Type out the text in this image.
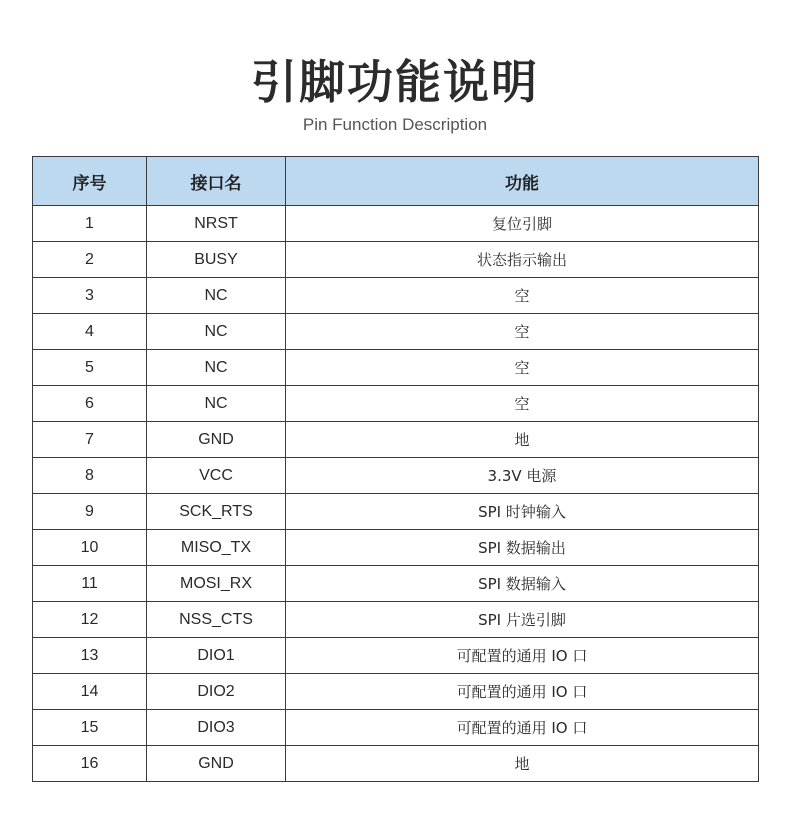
引脚功能说明
Pin Function Description
序号	接口名	功能
1	NRST	复位引脚
2	BUSY	状态指示输出
3	NC	空
4	NC	空
5	NC	空
6	NC	空
7	GND	地
8	VCC	3.3V 电源
9	SCK_RTS	SPI 时钟输入
10	MISO_TX	SPI 数据输出
11	MOSI_RX	SPI 数据输入
12	NSS_CTS	SPI 片选引脚
13	DIO1	可配置的通用 IO 口
14	DIO2	可配置的通用 IO 口
15	DIO3	可配置的通用 IO 口
16	GND	地
